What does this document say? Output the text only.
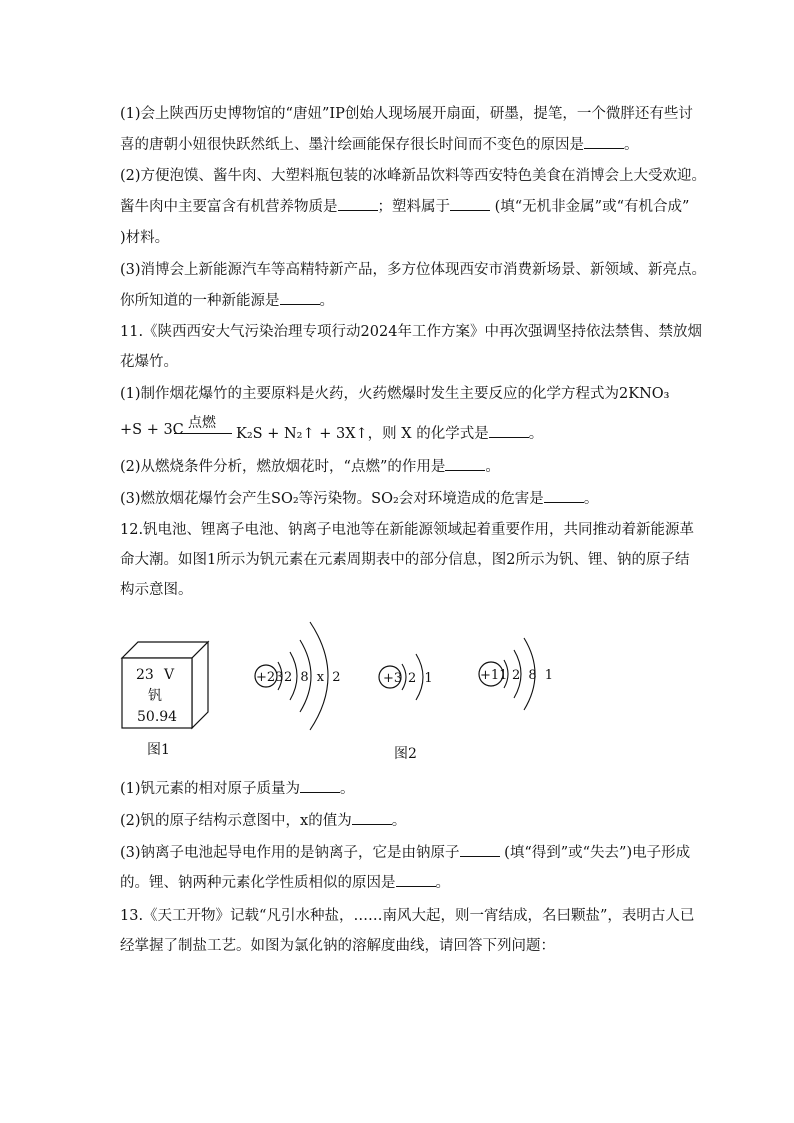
(1)会上陕西历史博物馆的“唐妞”IP创始人现场展开扇面，研墨，提笔，一个微胖还有些讨
喜的唐朝小妞很快跃然纸上、墨汁绘画能保存很长时间而不变色的原因是	。
(2)方便泡馍、酱牛肉、大塑料瓶包装的冰峰新品饮料等西安特色美食在消博会上大受欢迎。
酱牛肉中主要富含有机营养物质是	；塑料属于	(填“无机非金属”或“有机合成”
)材料。
(3)消博会上新能源汽车等高精特新产品，多方位体现西安市消费新场景、新领域、新亮点。
你所知道的一种新能源是	。
11.《陕西西安大气污染治理专项行动2024年工作方案》中再次强调坚持依法禁售、禁放烟
花爆竹。
(1)制作烟花爆竹的主要原料是火药，火药燃爆时发生主要反应的化学方程式为2KNO₃
+S + 3C 点燃
K₂S + N₂↑ + 3X↑，则 X 的化学式是	。
(2)从燃烧条件分析，燃放烟花时，“点燃”的作用是	。
(3)燃放烟花爆竹会产生SO₂等污染物。SO₂会对环境造成的危害是	。
12.钒电池、锂离子电池、钠离子电池等在新能源领域起着重要作用，共同推动着新能源革
命大潮。如图1所示为钒元素在元素周期表中的部分信息，图2所示为钒、锂、钠的原子结
构示意图。
23 V
钒
50.94
图1
+23 2 8 x 2	+3 2 1	+11 2 8 1
图2
(1)钒元素的相对原子质量为	。
(2)钒的原子结构示意图中，x的值为	。
(3)钠离子电池起导电作用的是钠离子，它是由钠原子	(填“得到”或“失去”)电子形成
的。锂、钠两种元素化学性质相似的原因是	。
13.《天工开物》记载“凡引水种盐，……南风大起，则一宵结成，名曰颗盐”，表明古人已
经掌握了制盐工艺。如图为氯化钠的溶解度曲线，请回答下列问题：
